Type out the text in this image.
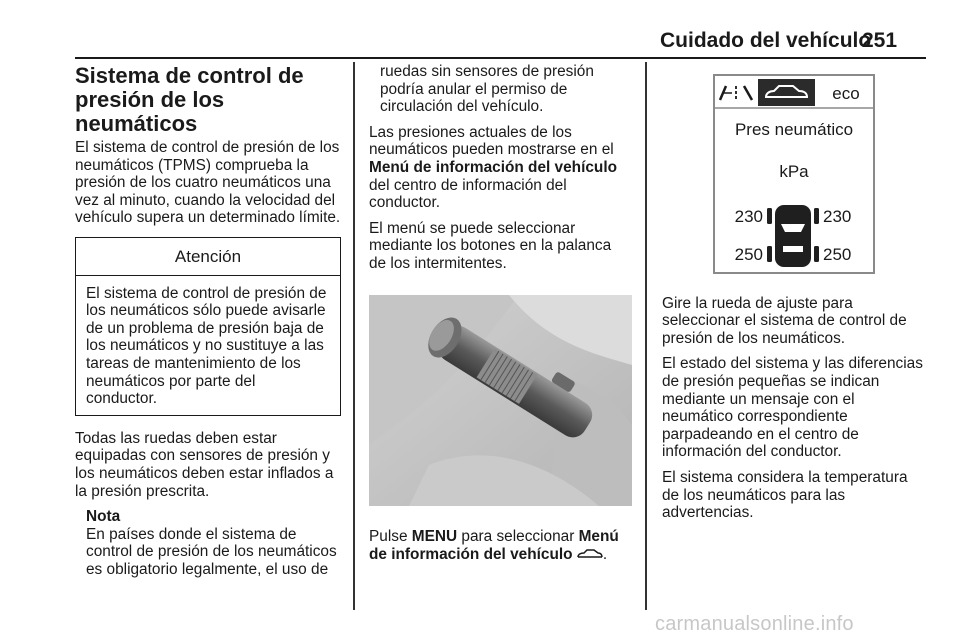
Cuidado del vehículo
251
Sistema de control de presión de los neumáticos

El sistema de control de presión de los neumáticos (TPMS) comprueba la presión de los cuatro neumáticos una vez al minuto, cuando la velocidad del vehículo supera un determinado límite.

Atención
El sistema de control de presión de los neumáticos sólo puede avisarle de un problema de presión baja de los neumáticos y no sustituye a las tareas de mantenimiento de los neumáticos por parte del conductor.

Todas las ruedas deben estar equipadas con sensores de presión y los neumáticos deben estar inflados a la presión prescrita.

Nota
En países donde el sistema de control de presión de los neumáticos es obligatorio legalmente, el uso de

ruedas sin sensores de presión podría anular el permiso de circulación del vehículo.

Las presiones actuales de los neumáticos pueden mostrarse en el Menú de información del vehículo del centro de información del conductor.

El menú se puede seleccionar mediante los botones en la palanca de los intermitentes.

Pulse MENU para seleccionar Menú de información del vehículo .

eco
Pres neumático
kPa
230	230
250	250

Gire la rueda de ajuste para seleccionar el sistema de control de presión de los neumáticos.

El estado del sistema y las diferencias de presión pequeñas se indican mediante un mensaje con el neumático correspondiente parpadeando en el centro de información del conductor.

El sistema considera la temperatura de los neumáticos para las advertencias.

carmanualsonline.info
